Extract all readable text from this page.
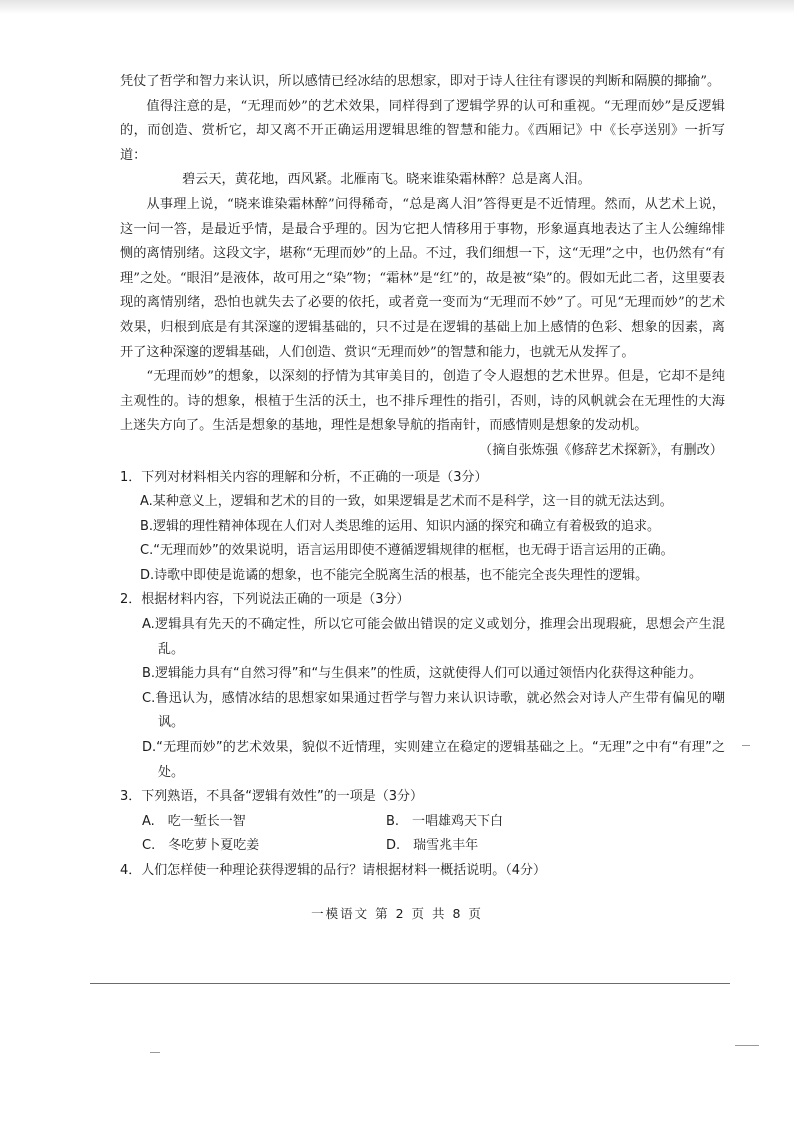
凭仗了哲学和智力来认识，所以感情已经冰结的思想家，即对于诗人往往有谬误的判断和隔膜的揶揄”。

值得注意的是，“无理而妙”的艺术效果，同样得到了逻辑学界的认可和重视。“无理而妙”是反逻辑的，而创造、赏析它，却又离不开正确运用逻辑思维的智慧和能力。《西厢记》中《长亭送别》一折写道：

碧云天，黄花地，西风紧。北雁南飞。晓来谁染霜林醉？总是离人泪。

从事理上说，“晓来谁染霜林醉”问得稀奇，“总是离人泪”答得更是不近情理。然而，从艺术上说，这一问一答，是最近乎情，是最合乎理的。因为它把人情移用于事物，形象逼真地表达了主人公缠绵悱恻的离情别绪。这段文字，堪称“无理而妙”的上品。不过，我们细想一下，这“无理”之中，也仍然有“有理”之处。“眼泪”是液体，故可用之“染”物；“霜林”是“红”的，故是被“染”的。假如无此二者，这里要表现的离情别绪，恐怕也就失去了必要的依托，或者竟一变而为“无理而不妙”了。可见“无理而妙”的艺术效果，归根到底是有其深邃的逻辑基础的，只不过是在逻辑的基础上加上感情的色彩、想象的因素，离开了这种深邃的逻辑基础，人们创造、赏识“无理而妙”的智慧和能力，也就无从发挥了。

“无理而妙”的想象，以深刻的抒情为其审美目的，创造了令人遐想的艺术世界。但是，它却不是纯主观性的。诗的想象，根植于生活的沃土，也不排斥理性的指引，否则，诗的风帆就会在无理性的大海上迷失方向了。生活是想象的基地，理性是想象导航的指南针，而感情则是想象的发动机。

（摘自张炼强《修辞艺术探新》，有删改）

1．下列对材料相关内容的理解和分析，不正确的一项是（3分）

A.某种意义上，逻辑和艺术的目的一致，如果逻辑是艺术而不是科学，这一目的就无法达到。

B.逻辑的理性精神体现在人们对人类思维的运用、知识内涵的探究和确立有着极致的追求。

C.“无理而妙”的效果说明，语言运用即使不遵循逻辑规律的框框，也无碍于语言运用的正确。

D.诗歌中即使是诡谲的想象，也不能完全脱离生活的根基，也不能完全丧失理性的逻辑。

2．根据材料内容，下列说法正确的一项是（3分）

A.逻辑具有先天的不确定性，所以它可能会做出错误的定义或划分，推理会出现瑕疵，思想会产生混乱。

B.逻辑能力具有“自然习得”和“与生俱来”的性质，这就使得人们可以通过领悟内化获得这种能力。

C.鲁迅认为，感情冰结的思想家如果通过哲学与智力来认识诗歌，就必然会对诗人产生带有偏见的嘲讽。

D.“无理而妙”的艺术效果，貌似不近情理，实则建立在稳定的逻辑基础之上。“无理”之中有“有理”之处。

3．下列熟语，不具备“逻辑有效性”的一项是（3分）

A.　吃一堑长一智	B.　一唱雄鸡天下白
C.　冬吃萝卜夏吃姜	D.　瑞雪兆丰年

4．人们怎样使一种理论获得逻辑的品行？请根据材料一概括说明。（4分）

一模语文 第 2 页 共 8 页
